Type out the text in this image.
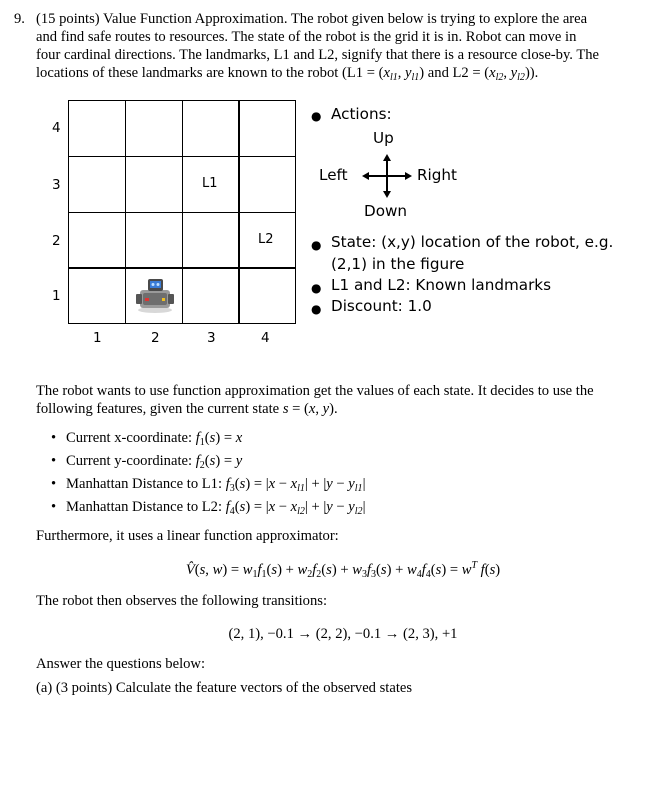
9. (15 points) Value Function Approximation. The robot given below is trying to explore the area

and find safe routes to resources. The state of the robot is the grid it is in. Robot can move in

four cardinal directions. The landmarks, L1 and L2, signify that there is a resource close-by. The

locations of these landmarks are known to the robot ($L1 = (x_{l1}$, $y_{l1}$) and $L2 = (x_{l2}$, $y_{l2}$)).

4
3
2
1
L1
L2
1	2	3	4
● Actions:
Up
Left	Right
Down
● State: (x,y) location of the robot, e.g.
(2,1) in the figure
● L1 and L2: Known landmarks
● Discount: 1.0
The robot wants to use function approximation get the values of each state. It decides to use the
following features, given the current state s = (x, y).
• Current x-coordinate: $f_1(s) = x$
• Current y-coordinate: $f_2(s) = y$
• Manhattan Distance to L1: $f_3(s) = |x - x_{l1}| + |y - y_{l1}|$
• Manhattan Distance to L2: $f_4(s) = |x - x_{l2}| + |y - y_{l2}|$
Furthermore, it uses a linear function approximator:
V̂(s, $w) = w_1f_1(s) + w_2f_2(s) + w_3f_3(s) + w_4f_4(s) = w^T$ f(s)
The robot then observes the following transitions:
(2, 1), −0.1 → (2, 2), −0.1 → (2, 3), +1
Answer the questions below:
(a) (3 points) Calculate the feature vectors of the observed states
